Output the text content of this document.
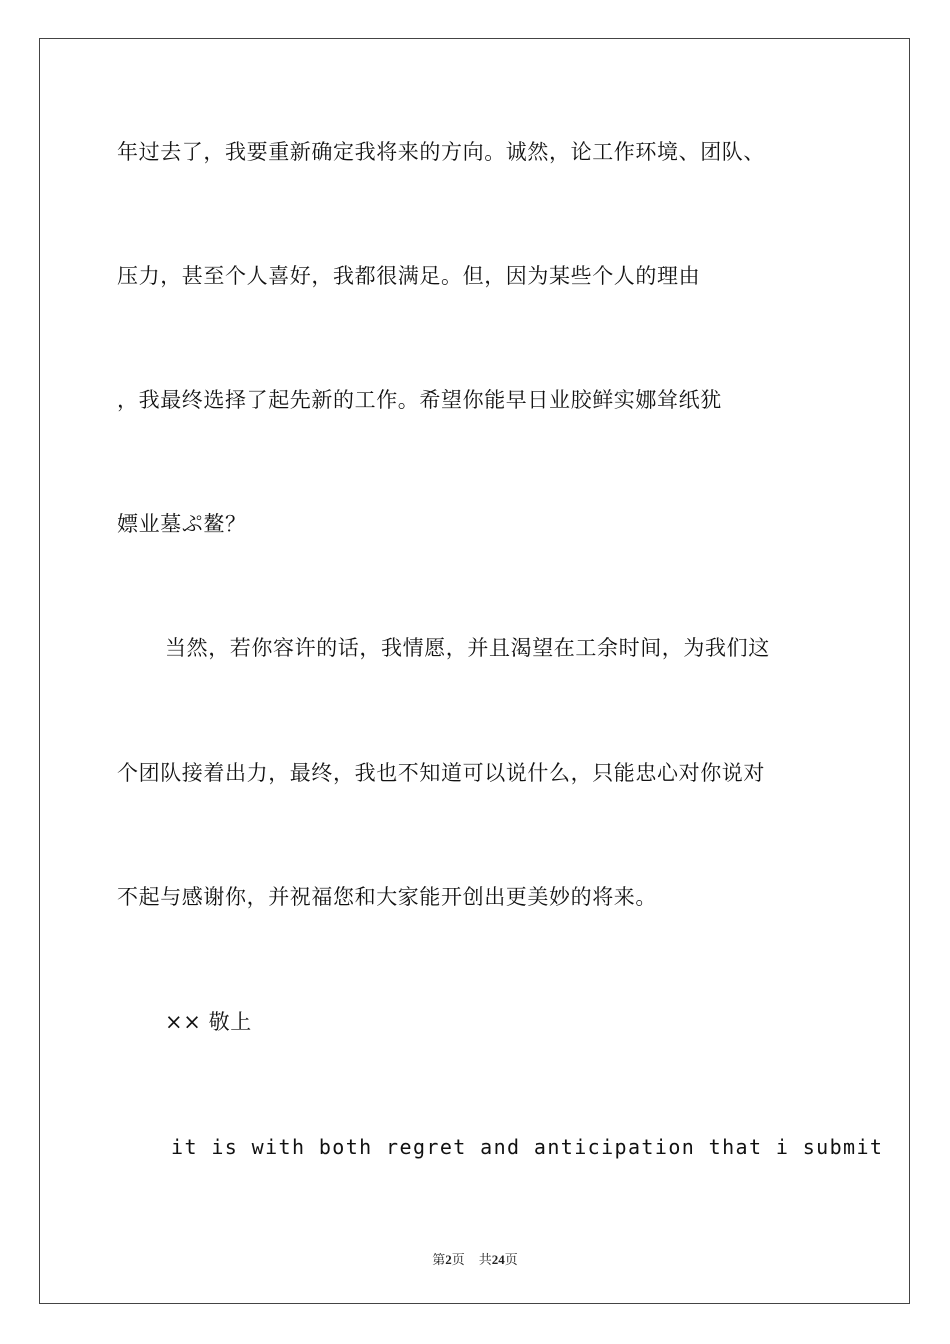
年过去了，我要重新确定我将来的方向。诚然，论工作环境、团队、
压力，甚至个人喜好，我都很满足。但，因为某些个人的理由
，我最终选择了起先新的工作。希望你能早日业胶鲜实娜耸纸犹
嫖业墓ぷ鳌？
当然，若你容许的话，我情愿，并且渴望在工余时间，为我们这
个团队接着出力，最终，我也不知道可以说什么，只能忠心对你说对
不起与感谢你，并祝福您和大家能开创出更美妙的将来。
×× 敬上
it is with both regret and anticipation that i submit
第2页 共24页
